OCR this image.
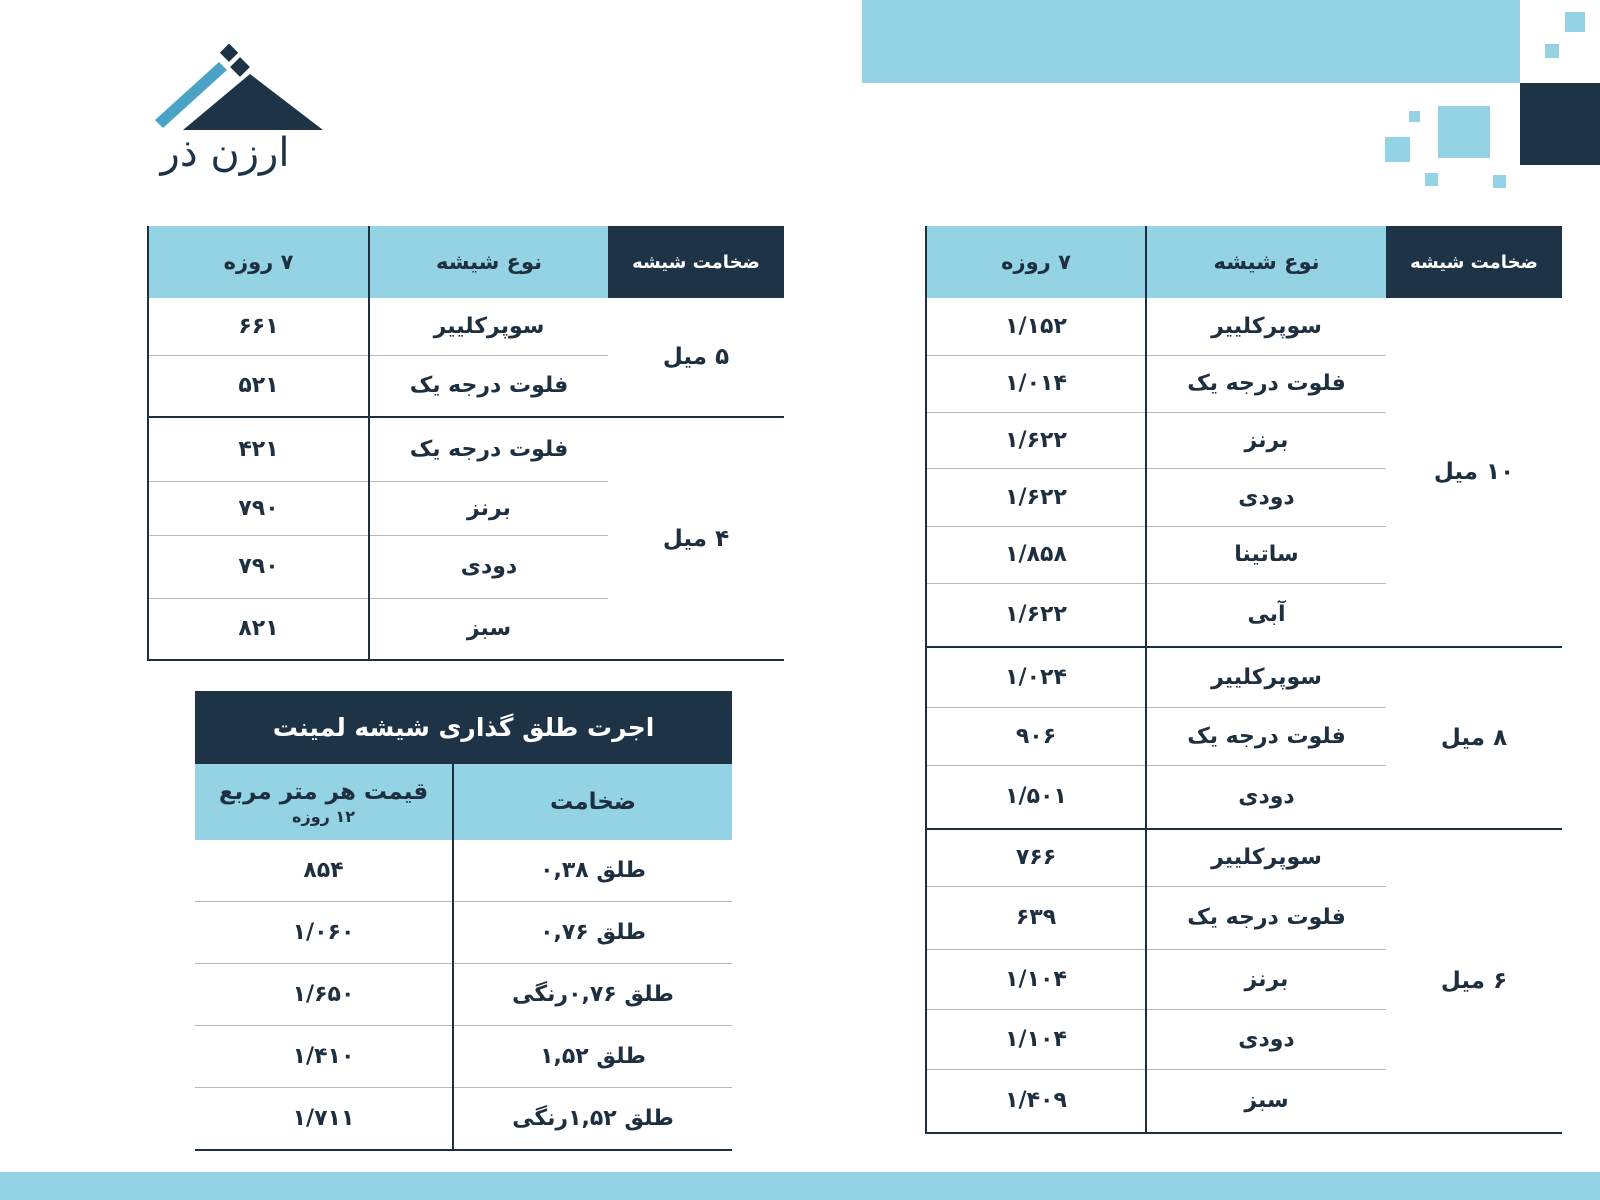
ارزن ذر
ضخامت شیشه	نوع شیشه	۷ روزه
۱۰ میل	سوپرکلییر	۱/۱۵۲
	فلوت درجه یک	۱/۰۱۴
	برنز	۱/۶۲۲
	دودی	۱/۶۲۲
	ساتینا	۱/۸۵۸
	آبی	۱/۶۲۲
۸ میل	سوپرکلییر	۱/۰۲۴
	فلوت درجه یک	۹۰۶
	دودی	۱/۵۰۱
۶ میل	سوپرکلییر	۷۶۶
	فلوت درجه یک	۶۳۹
	برنز	۱/۱۰۴
	دودی	۱/۱۰۴
	سبز	۱/۴۰۹
ضخامت شیشه	نوع شیشه	۷ روزه
۵ میل	سوپرکلییر	۶۶۱
	فلوت درجه یک	۵۲۱
۴ میل	فلوت درجه یک	۴۲۱
	برنز	۷۹۰
	دودی	۷۹۰
	سبز	۸۲۱
اجرت طلق گذاری شیشه لمینت
ضخامت	قیمت هر متر مربع
۱۲ روزه

طلق ۰,۳۸	۸۵۴
طلق ۰,۷۶	۱/۰۶۰
طلق ۰,۷۶رنگی	۱/۶۵۰
طلق ۱,۵۲	۱/۴۱۰
طلق ۱,۵۲رنگی	۱/۷۱۱
